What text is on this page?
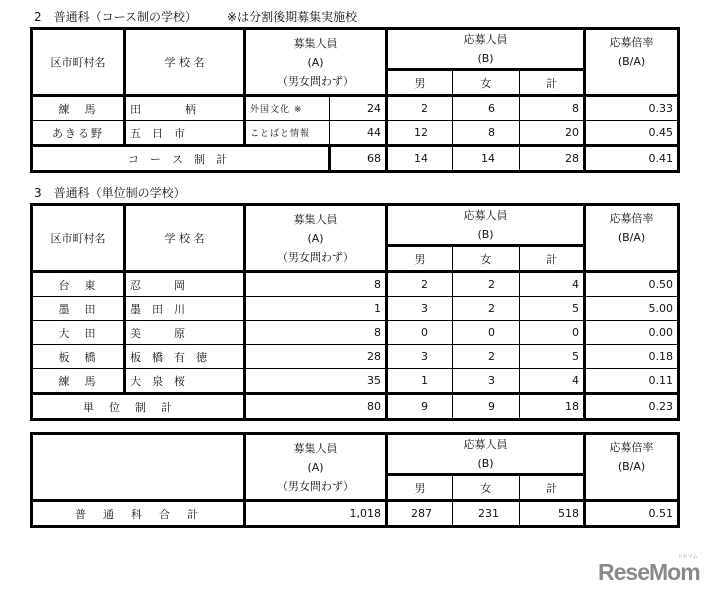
2　普通科（コース制の学校）　　　※は分割後期募集実施校
区市町村名	学 校 名	募集人員
(A)
（男女問わず）		応募人員
(B)			応募倍率
(B/A)

				男	女	計	
練　馬	田　　　　柄	外国文化 ※	24	2	6	8	0.33
あきる野	五　日　市	ことばと情報	44	12	8	20	0.45
コ　ー　ス　制　計			68	14	14	28	0.41
3　普通科（単位制の学校）
区市町村名	学 校 名	募集人員
(A)
（男女問わず）	応募人員
(B)			応募倍率
(B/A)

			男	女	計	
台　東	忍　　　岡	8	2	2	4	0.50
墨　田	墨　田　川	1	3	2	5	5.00
大　田	美　　　原	8	0	0	0	0.00
板　橋	板　橋　有　徳	28	3	2	5	0.18
練　馬	大　泉　桜	35	1	3	4	0.11
単　位　制　計		80	9	9	18	0.23

	募集人員
(A)
（男女問わず）	応募人員
(B)			応募倍率
(B/A)

		男	女	計	
普　通　科　合　計	1,018	287	231	518	0.51
ReseMom
リセマム
